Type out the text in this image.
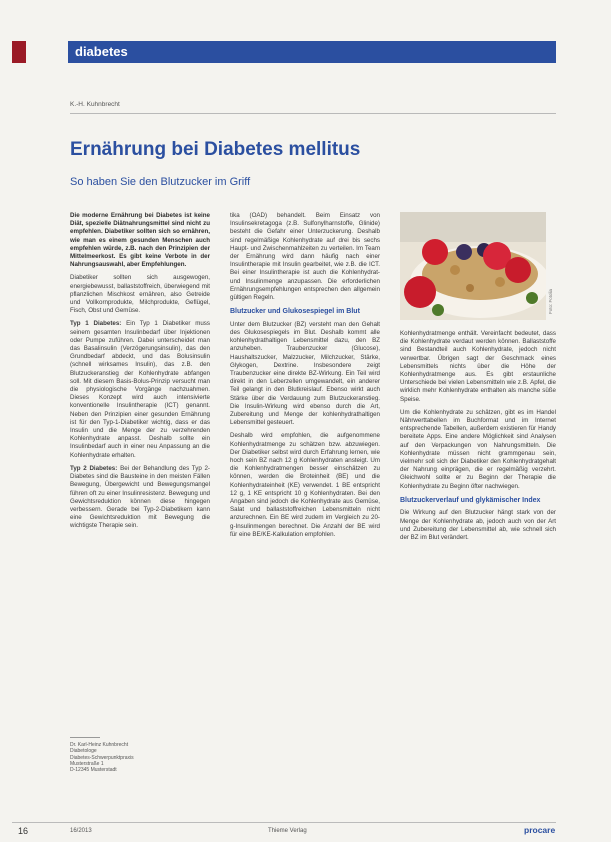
diabetes
K.-H. Kuhnbrecht
Ernährung bei Diabetes mellitus
So haben Sie den Blutzucker im Griff

Die moderne Ernährung bei Diabetes ist keine Diät, spezielle Diätnahrungsmittel sind nicht zu empfehlen. Diabetiker sollten sich so ernähren, wie man es einem gesunden Menschen auch empfehlen würde, z.B. nach den Prinzipien der Mittelmeerkost. Es gibt keine Verbote in der Nahrungsauswahl, aber Empfehlungen.

Diabetiker sollten sich ausgewogen, energiebewusst, ballaststoffreich, überwiegend mit pflanzlichen Mischkost ernähren, also Getreide und Vollkornprodukte, Milchprodukte, Geflügel, Fisch, Obst und Gemüse.

Typ 1 Diabetes: Ein Typ 1 Diabetiker muss seinem gesamten Insulinbedarf über Injektionen oder Pumpe zuführen. Dabei unterscheidet man das Basalinsulin (Verzögerungsinsulin), das den Grundbedarf abdeckt, und das Bolusinsulin (schnell wirksames Insulin), das z.B. den Blutzuckeranstieg der Kohlenhydrate abfangen soll. Mit diesem Basis-Bolus-Prinzip versucht man die physiologische Vorgänge nachzuahmen. Dieses Konzept wird auch intensivierte konventionelle Insulintherapie (ICT) genannt. Neben den Prinzipien einer gesunden Ernährung ist für den Typ-1-Diabetiker wichtig, dass er das Insulin und die Menge der zu verzehrenden Kohlenhydrate anpasst. Deshalb sollte ein Insulinbedarf auch in einer neu Anpassung an die Kohlenhydrate erhalten.

Typ 2 Diabetes: Bei der Behandlung des Typ 2-Diabetes sind die Bausteine in den meisten Fällen Bewegung, Übergewicht und Bewegungsmangel führen oft zu einer Insulinresistenz. Bewegung und Gewichtsreduktion können diese hingegen verbessern. Gerade bei Typ-2-Diabetikern kann eine Gewichtsreduktion mit Bewegung die wichtigste Therapie sein.

Dr. Karl-Heinz Kuhnbrecht
Diabetologe
Diabetes-Schwerpunktpraxis
Musterstraße 1
D-12345 Musterstadt

tika (OAD) behandelt. Beim Einsatz von Insulinsekretagoga (z.B. Sulfonylharnstoffe, Glinide) besteht die Gefahr einer Unterzuckerung. Deshalb sind regelmäßige Kohlenhydrate auf drei bis sechs Haupt- und Zwischenmahlzeiten zu verteilen. Im Team der Ernährung wird dann häufig nach einer Insulintherapie mit Insulin gearbeitet, wie z.B. die ICT. Bei einer Insulintherapie ist auch die Kohlenhydrat- und Insulinmenge anzupassen. Die erforderlichen Ernährungsempfehlungen entsprechen den allgemein gültigen Regeln.

Blutzucker und Glukosespiegel im Blut

Unter dem Blutzucker (BZ) versteht man den Gehalt des Glukosespiegels im Blut. Deshalb kommt alle kohlenhydrathaltigen Lebensmittel dazu, den BZ anzuheben. Traubenzucker (Glucose), Haushaltszucker, Malzzucker, Milchzucker, Stärke, Glykogen, Dextrine. Insbesondere zeigt Traubenzucker eine direkte BZ-Wirkung. Ein Teil wird direkt in den Leberzellen umgewandelt, ein anderer Teil gelangt in den Blutkreislauf. Ebenso wirkt auch Stärke über die Verdauung zum Blutzuckeranstieg. Die Insulin-Wirkung wird ebenso durch die Art, Zubereitung und Menge der kohlenhydrathaltigen Lebensmittel gesteuert.

Deshalb wird empfohlen, die aufgenommene Kohlenhydratmenge zu schätzen bzw. abzuwiegen. Der Diabetiker selbst wird durch Erfahrung lernen, wie hoch sein BZ nach 12 g Kohlenhydraten ansteigt. Um die Kohlenhydratmengen besser einschätzen zu können, werden die Broteinheit (BE) und die Kohlenhydrateinheit (KE) verwendet. 1 BE entspricht 12 g, 1 KE entspricht 10 g Kohlenhydraten. Bei den Angaben sind jedoch die Kohlenhydrate aus Gemüse, Salat und ballaststoffreichen Lebensmitteln nicht anzurechnen. Ein BE wird zudem im Vergleich zu 20-g-Insulinmengen berechnet. Die Anzahl der BE wird für eine BE/KE-Kalkulation empfohlen.

Foto: Fotolia

Kohlenhydratmenge enthält. Vereinfacht bedeutet, dass die Kohlenhydrate verdaut werden können. Ballaststoffe sind Bestandteil auch Kohlenhydrate, jedoch nicht verwertbar. Übrigen sagt der Geschmack eines Lebensmittels nichts über die Höhe der Kohlenhydratmenge aus. Es gibt erstaunliche Unterschiede bei vielen Lebensmitteln wie z.B. Apfel, die wirklich mehr Kohlenhydrate enthalten als manche süße Speise.

Um die Kohlenhydrate zu schätzen, gibt es im Handel Nährwerttabellen im Buchformat und im Internet entsprechende Tabellen, außerdem existieren für Handy bereitete Apps. Eine andere Möglichkeit sind Analysen auf den Verpackungen von Nahrungsmitteln. Die Kohlenhydrate müssen nicht grammgenau sein, vielmehr soll sich der Diabetiker den Kohlenhydratgehalt der Nahrung einprägen, die er regelmäßig verzehrt. Gleichwohl sollte er zu Beginn der Therapie die Kohlenhydrate zu Beginn öfter nachwiegen.

Blutzuckerverlauf und glykämischer Index

Die Wirkung auf den Blutzucker hängt stark von der Menge der Kohlenhydrate ab, jedoch auch von der Art und Zubereitung der Lebensmittel ab, wie schnell sich der BZ im Blut verändert.

16	16/2013	Thieme Verlag	procare
